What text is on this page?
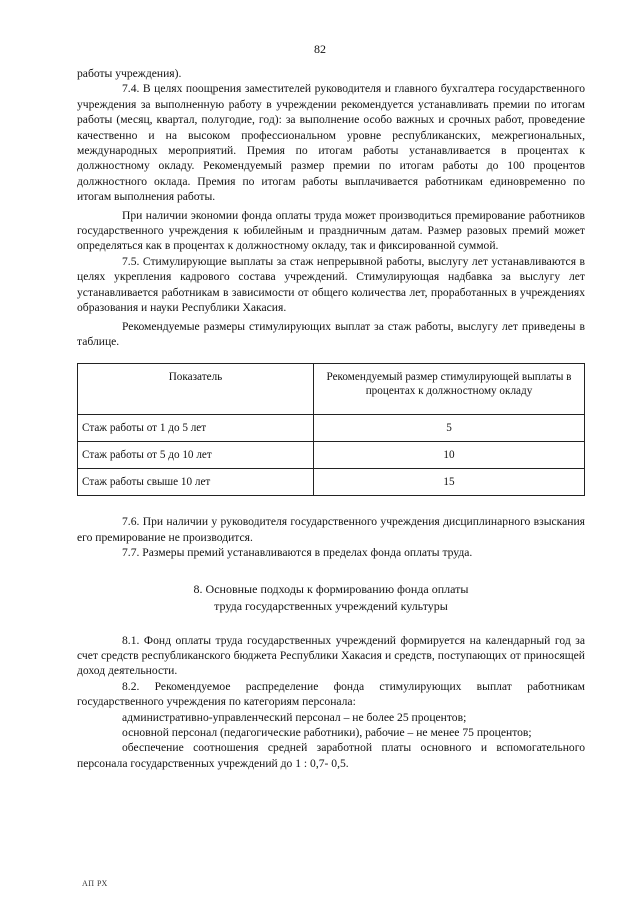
82

работы учреждения).

7.4. В целях поощрения заместителей руководителя и главного бухгалтера государственного учреждения за выполненную работу в учреждении рекомендуется устанавливать премии по итогам работы (месяц, квартал, полугодие, год): за выполнение особо важных и срочных работ, проведение качественно и на высоком профессиональном уровне республиканских, межрегиональных, международных мероприятий. Премия по итогам работы устанавливается в процентах к должностному окладу. Рекомендуемый размер премии по итогам работы до 100 процентов должностного оклада. Премия по итогам работы выплачивается работникам единовременно по итогам выполнения работы.

При наличии экономии фонда оплаты труда может производиться премирование работников государственного учреждения к юбилейным и праздничным датам. Размер разовых премий может определяться как в процентах к должностному окладу, так и фиксированной суммой.

7.5. Стимулирующие выплаты за стаж непрерывной работы, выслугу лет устанавливаются в целях укрепления кадрового состава учреждений. Стимулирующая надбавка за выслугу лет устанавливается работникам в зависимости от общего количества лет, проработанных в учреждениях образования и науки Республики Хакасия.

Рекомендуемые размеры стимулирующих выплат за стаж работы, выслугу лет приведены в таблице.

Показатель	Рекомендуемый размер стимулирующей выплаты в процентах к должностному окладу
Стаж работы от 1 до 5 лет	5
Стаж работы от 5 до 10 лет	10
Стаж работы свыше 10 лет	15

7.6. При наличии у руководителя государственного учреждения дисциплинарного взыскания его премирование не производится.

7.7. Размеры премий устанавливаются в пределах фонда оплаты труда.

8. Основные подходы к формированию фонда оплаты
труда государственных учреждений культуры

8.1. Фонд оплаты труда государственных учреждений формируется на календарный год за счет средств республиканского бюджета Республики Хакасия и средств, поступающих от приносящей доход деятельности.

8.2. Рекомендуемое распределение фонда стимулирующих выплат работникам государственного учреждения по категориям персонала:

административно-управленческий персонал – не более 25 процентов;

основной персонал (педагогические работники), рабочие – не менее 75 процентов;

обеспечение соотношения средней заработной платы основного и вспомогательного персонала государственных учреждений до 1 : 0,7- 0,5.

АП РХ
